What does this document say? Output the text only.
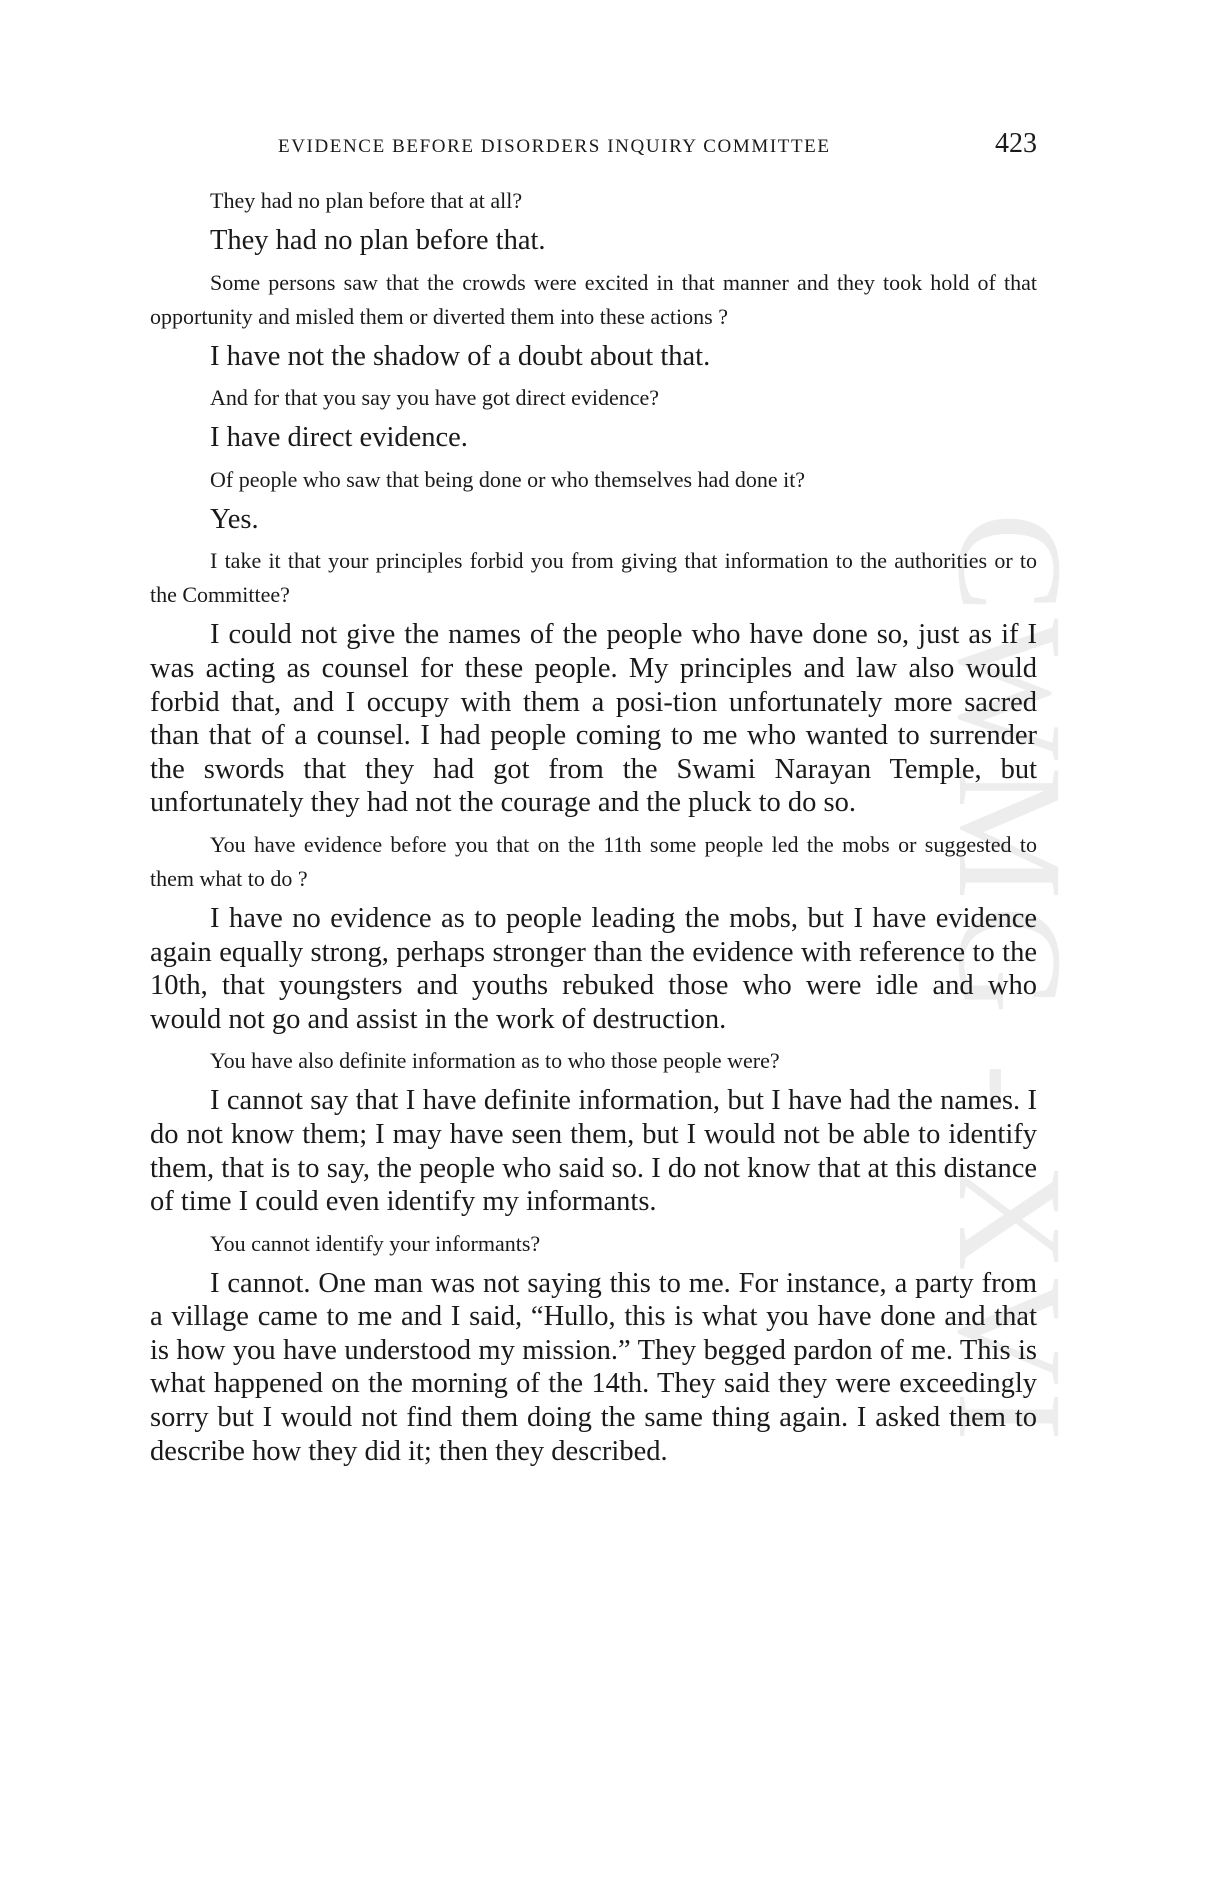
CWMG - XVI
EVIDENCE BEFORE DISORDERS INQUIRY COMMITTEE	423

They had no plan before that at all?

They had no plan before that.

Some persons saw that the crowds were excited in that manner and they took hold of that opportunity and misled them or diverted them into these actions ?

I have not the shadow of a doubt about that.

And for that you say you have got direct evidence?

I have direct evidence.

Of people who saw that being done or who themselves had done it?

Yes.

I take it that your principles forbid you from giving that information to the authorities or to the Committee?

I could not give the names of the people who have done so, just as if I was acting as counsel for these people. My principles and law also would forbid that, and I occupy with them a posi-tion unfortunately more sacred than that of a counsel. I had people coming to me who wanted to surrender the swords that they had got from the Swami Narayan Temple, but unfortunately they had not the courage and the pluck to do so.

You have evidence before you that on the 11th some people led the mobs or suggested to them what to do ?

I have no evidence as to people leading the mobs, but I have evidence again equally strong, perhaps stronger than the evidence with reference to the 10th, that youngsters and youths rebuked those who were idle and who would not go and assist in the work of destruction.

You have also definite information as to who those people were?

I cannot say that I have definite information, but I have had the names. I do not know them; I may have seen them, but I would not be able to identify them, that is to say, the people who said so. I do not know that at this distance of time I could even identify my informants.

You cannot identify your informants?

I cannot. One man was not saying this to me. For instance, a party from a village came to me and I said, “Hullo, this is what you have done and that is how you have understood my mission.” They begged pardon of me. This is what happened on the morning of the 14th. They said they were exceedingly sorry but I would not find them doing the same thing again. I asked them to describe how they did it; then they described.
